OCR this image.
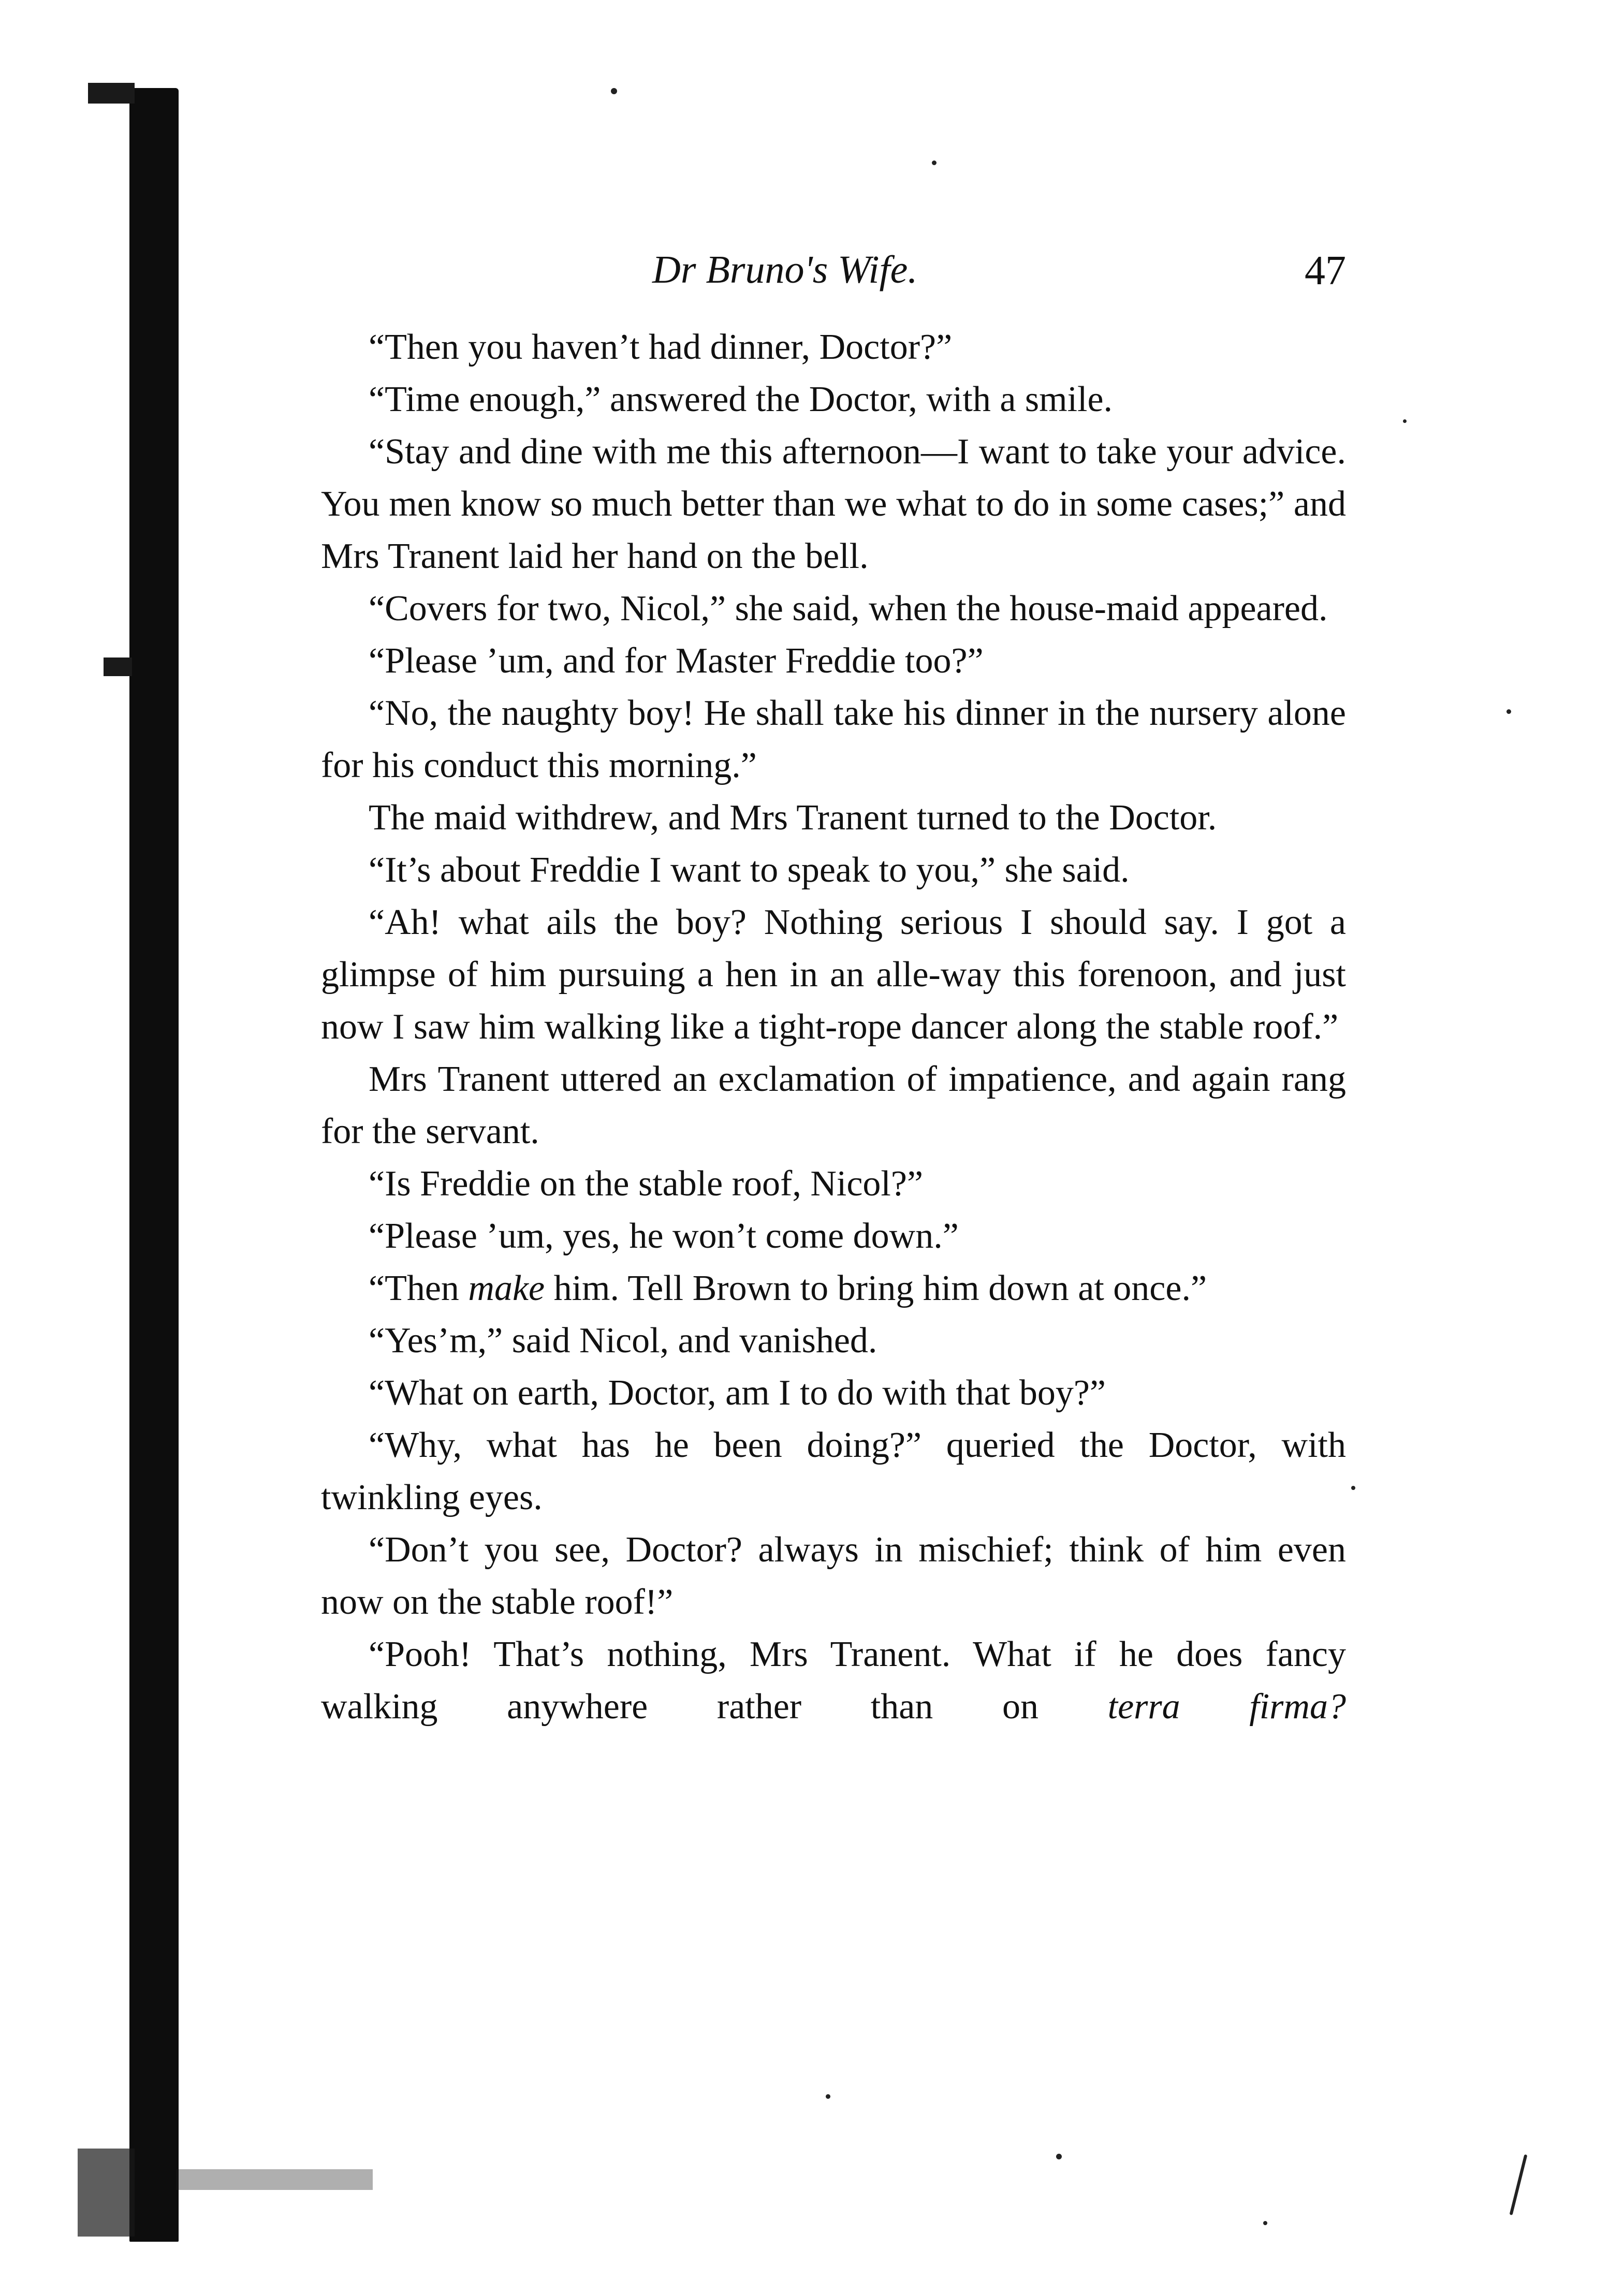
Dr Bruno's Wife.	47

“Then you haven’t had dinner, Doctor?”

“Time enough,” answered the Doctor, with a smile.

“Stay and dine with me this afternoon—I want to take your advice. You men know so much better than we what to do in some cases;” and Mrs Tranent laid her hand on the bell.

“Covers for two, Nicol,” she said, when the house-maid appeared.

“Please ’um, and for Master Freddie too?”

“No, the naughty boy! He shall take his dinner in the nursery alone for his conduct this morning.”

The maid withdrew, and Mrs Tranent turned to the Doctor.

“It’s about Freddie I want to speak to you,” she said.

“Ah! what ails the boy? Nothing serious I should say. I got a glimpse of him pursuing a hen in an alle-way this forenoon, and just now I saw him walking like a tight-rope dancer along the stable roof.”

Mrs Tranent uttered an exclamation of impatience, and again rang for the servant.

“Is Freddie on the stable roof, Nicol?”

“Please ’um, yes, he won’t come down.”

“Then make him. Tell Brown to bring him down at once.”

“Yes’m,” said Nicol, and vanished.

“What on earth, Doctor, am I to do with that boy?”

“Why, what has he been doing?” queried the Doctor, with twinkling eyes.

“Don’t you see, Doctor? always in mischief; think of him even now on the stable roof!”

“Pooh! That’s nothing, Mrs Tranent. What if he does fancy walking anywhere rather than on terra firma?
